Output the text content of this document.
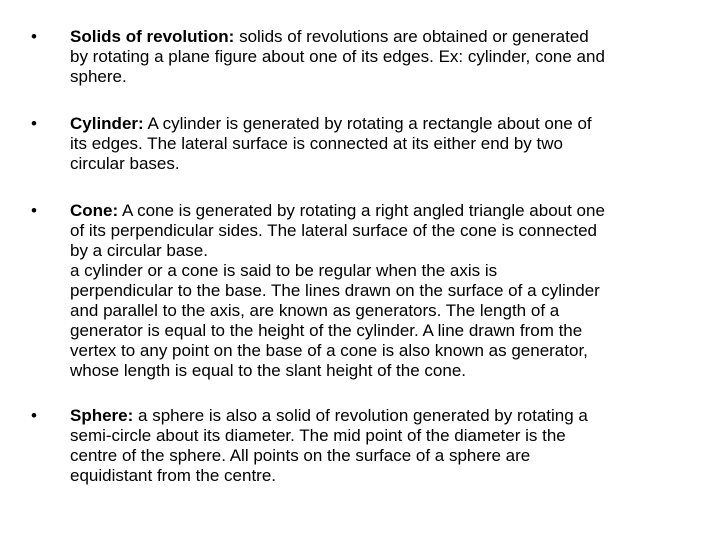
• Solids of revolution: solids of revolutions are obtained or generated
by rotating a plane figure about one of its edges. Ex: cylinder, cone and
sphere.
• Cylinder: A cylinder is generated by rotating a rectangle about one of
its edges. The lateral surface is connected at its either end by two
circular bases.
• Cone: A cone is generated by rotating a right angled triangle about one
of its perpendicular sides. The lateral surface of the cone is connected
by a circular base.
a cylinder or a cone is said to be regular when the axis is
perpendicular to the base. The lines drawn on the surface of a cylinder
and parallel to the axis, are known as generators. The length of a
generator is equal to the height of the cylinder. A line drawn from the
vertex to any point on the base of a cone is also known as generator,
whose length is equal to the slant height of the cone.
• Sphere: a sphere is also a solid of revolution generated by rotating a
semi-circle about its diameter. The mid point of the diameter is the
centre of the sphere. All points on the surface of a sphere are
equidistant from the centre.
